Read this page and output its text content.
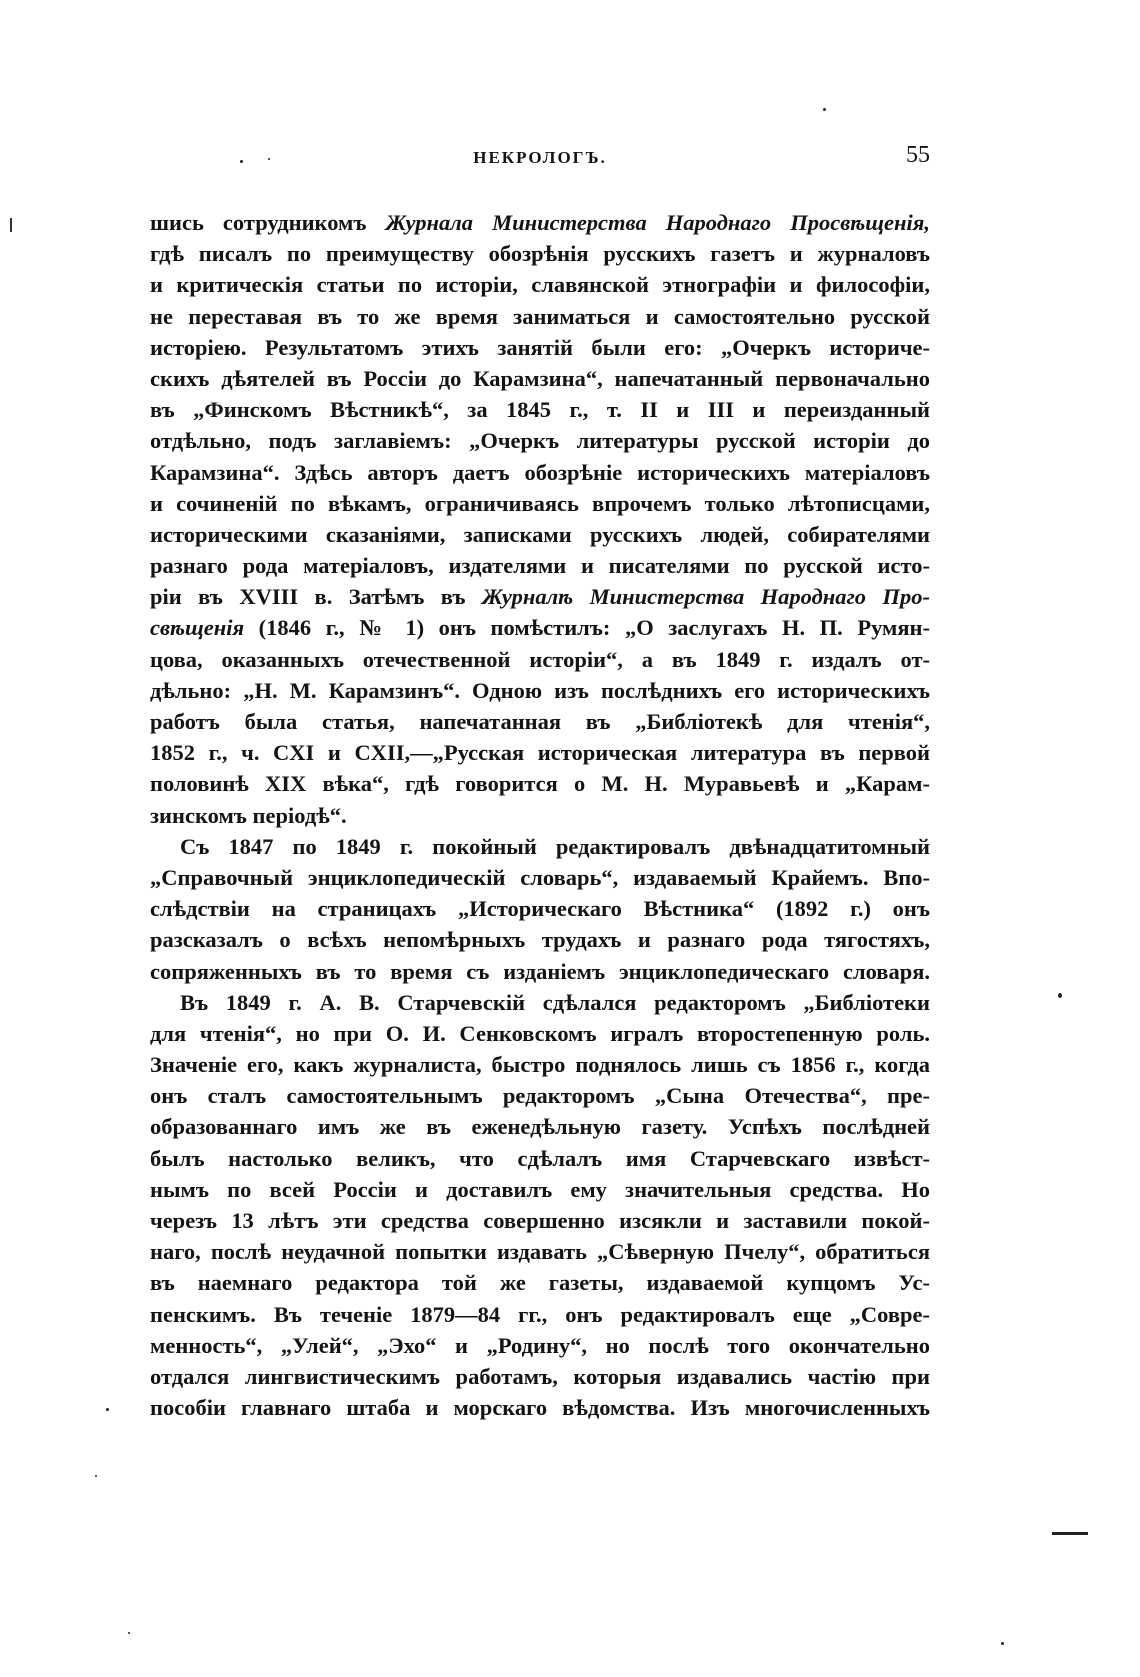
НЕКРОЛОГЪ.	55
шись сотрудникомъ Журнала Министерства Народнаго Просвѣщенія,
гдѣ писалъ по преимуществу обозрѣнія русскихъ газетъ и журналовъ
и критическія статьи по исторіи, славянской этнографіи и философіи,
не переставая въ то же время заниматься и самостоятельно русской
исторіею. Результатомъ этихъ занятій были его: „Очеркъ историче-
скихъ дѣятелей въ Россіи до Карамзина“, напечатанный первоначально
въ „Финскомъ Вѣстникѣ“, за 1845 г., т. II и III и переизданный
отдѣльно, подъ заглавіемъ: „Очеркъ литературы русской исторіи до
Карамзина“. Здѣсь авторъ даетъ обозрѣніе историческихъ матеріаловъ
и сочиненій по вѣкамъ, ограничиваясь впрочемъ только лѣтописцами,
историческими сказаніями, записками русскихъ людей, собирателями
разнаго рода матеріаловъ, издателями и писателями по русской исто-
ріи въ XVIII в. Затѣмъ въ Журналѣ Министерства Народнаго Про-
свѣщенія (1846 г., № 1) онъ помѣстилъ: „О заслугахъ Н. П. Румян-
цова, оказанныхъ отечественной исторіи“, а въ 1849 г. издалъ от-
дѣльно: „Н. М. Карамзинъ“. Одною изъ послѣднихъ его историческихъ
работъ была статья, напечатанная въ „Библіотекѣ для чтенія“,
1852 г., ч. CXI и CXII,—„Русская историческая литература въ первой
половинѣ XIX вѣка“, гдѣ говорится о М. Н. Муравьевѣ и „Карам-
зинскомъ періодѣ“.
Съ 1847 по 1849 г. покойный редактировалъ двѣнадцатитомный
„Справочный энциклопедическій словарь“, издаваемый Крайемъ. Впо-
слѣдствіи на страницахъ „Историческаго Вѣстника“ (1892 г.) онъ
разсказалъ о всѣхъ непомѣрныхъ трудахъ и разнаго рода тягостяхъ,
сопряженныхъ въ то время съ изданіемъ энциклопедическаго словаря.
Въ 1849 г. А. В. Старчевскій сдѣлался редакторомъ „Библіотеки
для чтенія“, но при О. И. Сенковскомъ игралъ второстепенную роль.
Значеніе его, какъ журналиста, быстро поднялось лишь съ 1856 г., когда
онъ сталъ самостоятельнымъ редакторомъ „Сына Отечества“, пре-
образованнаго имъ же въ еженедѣльную газету. Успѣхъ послѣдней
былъ настолько великъ, что сдѣлалъ имя Старчевскаго извѣст-
нымъ по всей Россіи и доставилъ ему значительныя средства. Но
черезъ 13 лѣтъ эти средства совершенно изсякли и заставили покой-
наго, послѣ неудачной попытки издавать „Сѣверную Пчелу“, обратиться
въ наемнаго редактора той же газеты, издаваемой купцомъ Ус-
пенскимъ. Въ теченіе 1879—84 гг., онъ редактировалъ еще „Совре-
менность“, „Улей“, „Эхо“ и „Родину“, но послѣ того окончательно
отдался лингвистическимъ работамъ, которыя издавались частію при
пособіи главнаго штаба и морскаго вѣдомства. Изъ многочисленныхъ
